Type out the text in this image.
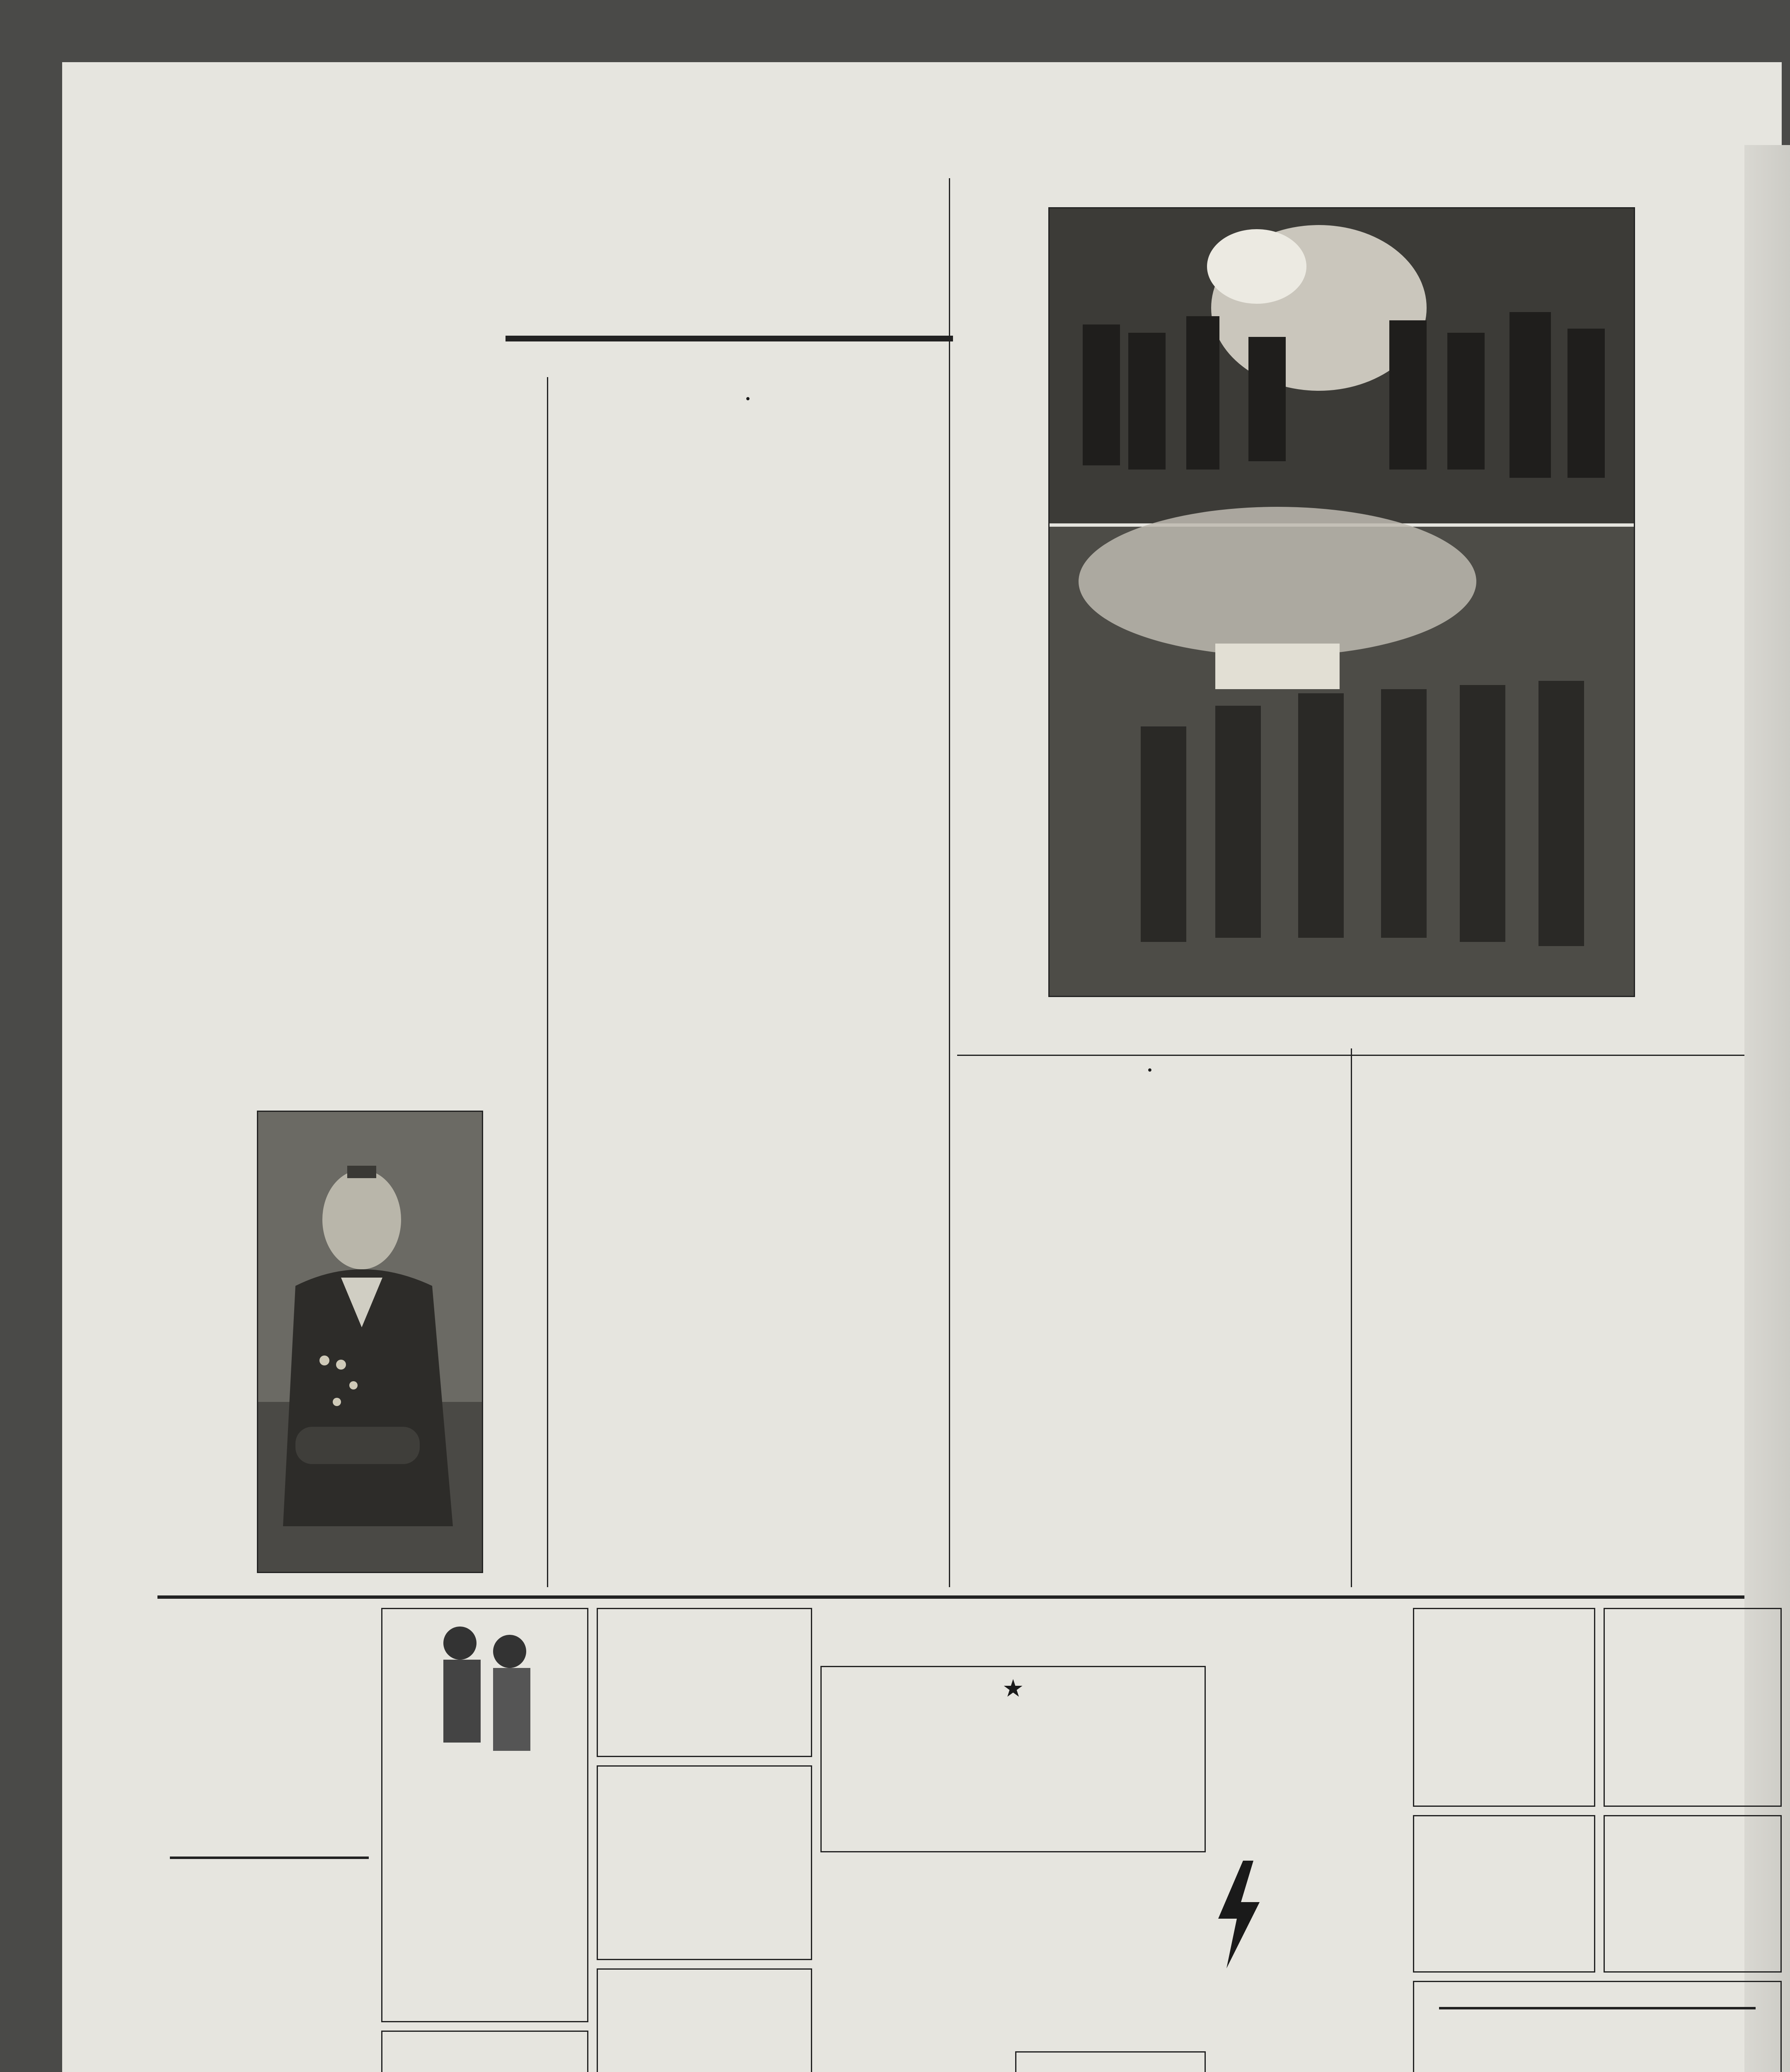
•

•

★
